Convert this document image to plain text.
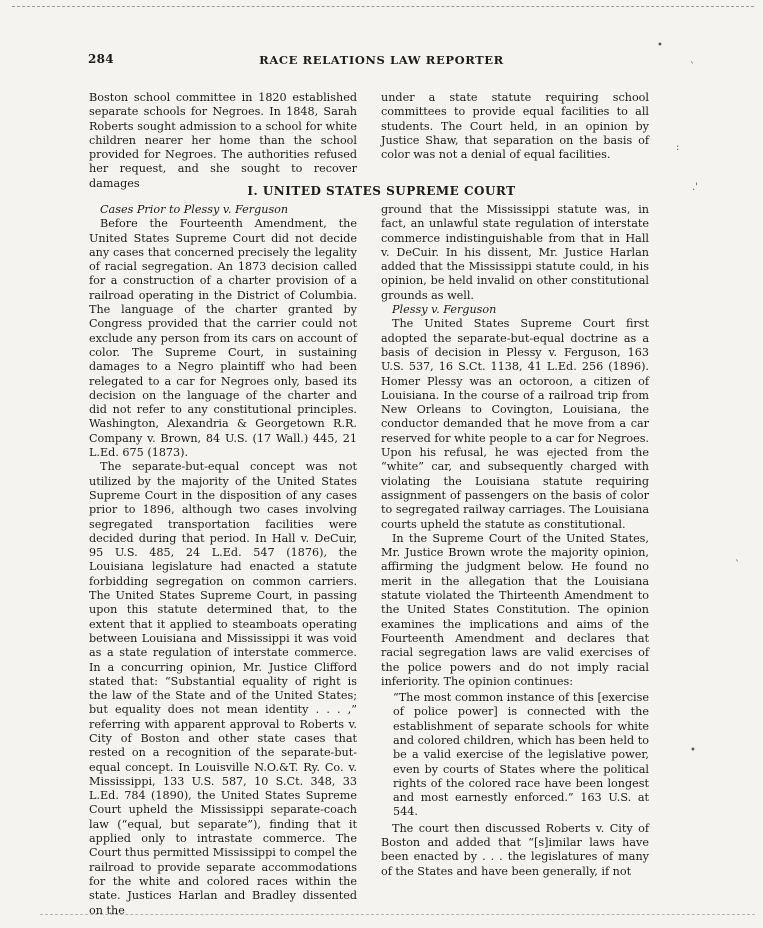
284	RACE RELATIONS LAW REPORTER

Boston school committee in 1820 established separate schools for Negroes. In 1848, Sarah Roberts sought admission to a school for white children nearer her home than the school provided for Negroes. The authorities refused her request, and she sought to recover damages

under a state statute requiring school committees to provide equal facilities to all students. The Court held, in an opinion by Justice Shaw, that separation on the basis of color was not a denial of equal facilities.

I. UNITED STATES SUPREME COURT

Cases Prior to Plessy v. Ferguson

Before the Fourteenth Amendment, the United States Supreme Court did not decide any cases that concerned precisely the legality of racial segregation. An 1873 decision called for a construction of a charter provision of a railroad operating in the District of Columbia. The language of the charter granted by Congress provided that the carrier could not exclude any person from its cars on account of color. The Supreme Court, in sustaining damages to a Negro plaintiff who had been relegated to a car for Negroes only, based its decision on the language of the charter and did not refer to any constitutional principles. Washington, Alexandria & Georgetown R.R. Company v. Brown, 84 U.S. (17 Wall.) 445, 21 L.Ed. 675 (1873).

The separate-but-equal concept was not utilized by the majority of the United States Supreme Court in the disposition of any cases prior to 1896, although two cases involving segregated transportation facilities were decided during that period. In Hall v. DeCuir, 95 U.S. 485, 24 L.Ed. 547 (1876), the Louisiana legislature had enacted a statute forbidding segregation on common carriers. The United States Supreme Court, in passing upon this statute determined that, to the extent that it applied to steamboats operating between Louisiana and Mississippi it was void as a state regulation of interstate commerce. In a concurring opinion, Mr. Justice Clifford stated that: “Substantial equality of right is the law of the State and of the United States; but equality does not mean identity . . . ,” referring with apparent approval to Roberts v. City of Boston and other state cases that rested on a recognition of the separate-but-equal concept. In Louisville N.O.&T. Ry. Co. v. Mississippi, 133 U.S. 587, 10 S.Ct. 348, 33 L.Ed. 784 (1890), the United States Supreme Court upheld the Mississippi separate-coach law (“equal, but separate”), finding that it applied only to intrastate commerce. The Court thus permitted Mississippi to compel the railroad to provide separate accommodations for the white and colored races within the state. Justices Harlan and Bradley dissented on the

ground that the Mississippi statute was, in fact, an unlawful state regulation of interstate commerce indistinguishable from that in Hall v. DeCuir. In his dissent, Mr. Justice Harlan added that the Mississippi statute could, in his opinion, be held invalid on other constitutional grounds as well.

Plessy v. Ferguson

The United States Supreme Court first adopted the separate-but-equal doctrine as a basis of decision in Plessy v. Ferguson, 163 U.S. 537, 16 S.Ct. 1138, 41 L.Ed. 256 (1896). Homer Plessy was an octoroon, a citizen of Louisiana. In the course of a railroad trip from New Orleans to Covington, Louisiana, the conductor demanded that he move from a car reserved for white people to a car for Negroes. Upon his refusal, he was ejected from the “white” car, and subsequently charged with violating the Louisiana statute requiring assignment of passengers on the basis of color to segregated railway carriages. The Louisiana courts upheld the statute as constitutional.

In the Supreme Court of the United States, Mr. Justice Brown wrote the majority opinion, affirming the judgment below. He found no merit in the allegation that the Louisiana statute violated the Thirteenth Amendment to the United States Constitution. The opinion examines the implications and aims of the Fourteenth Amendment and declares that racial segregation laws are valid exercises of the police powers and do not imply racial inferiority. The opinion continues:

“The most common instance of this [exercise of police power] is connected with the establishment of separate schools for white and colored children, which has been held to be a valid exercise of the legislative power, even by courts of States where the political rights of the colored race have been longest and most earnestly enforced.” 163 U.S. at 544.

The court then discussed Roberts v. City of Boston and added that “[s]imilar laws have been enacted by . . . the legislatures of many of the States and have been generally, if not

•
`
:
.'
`
•
